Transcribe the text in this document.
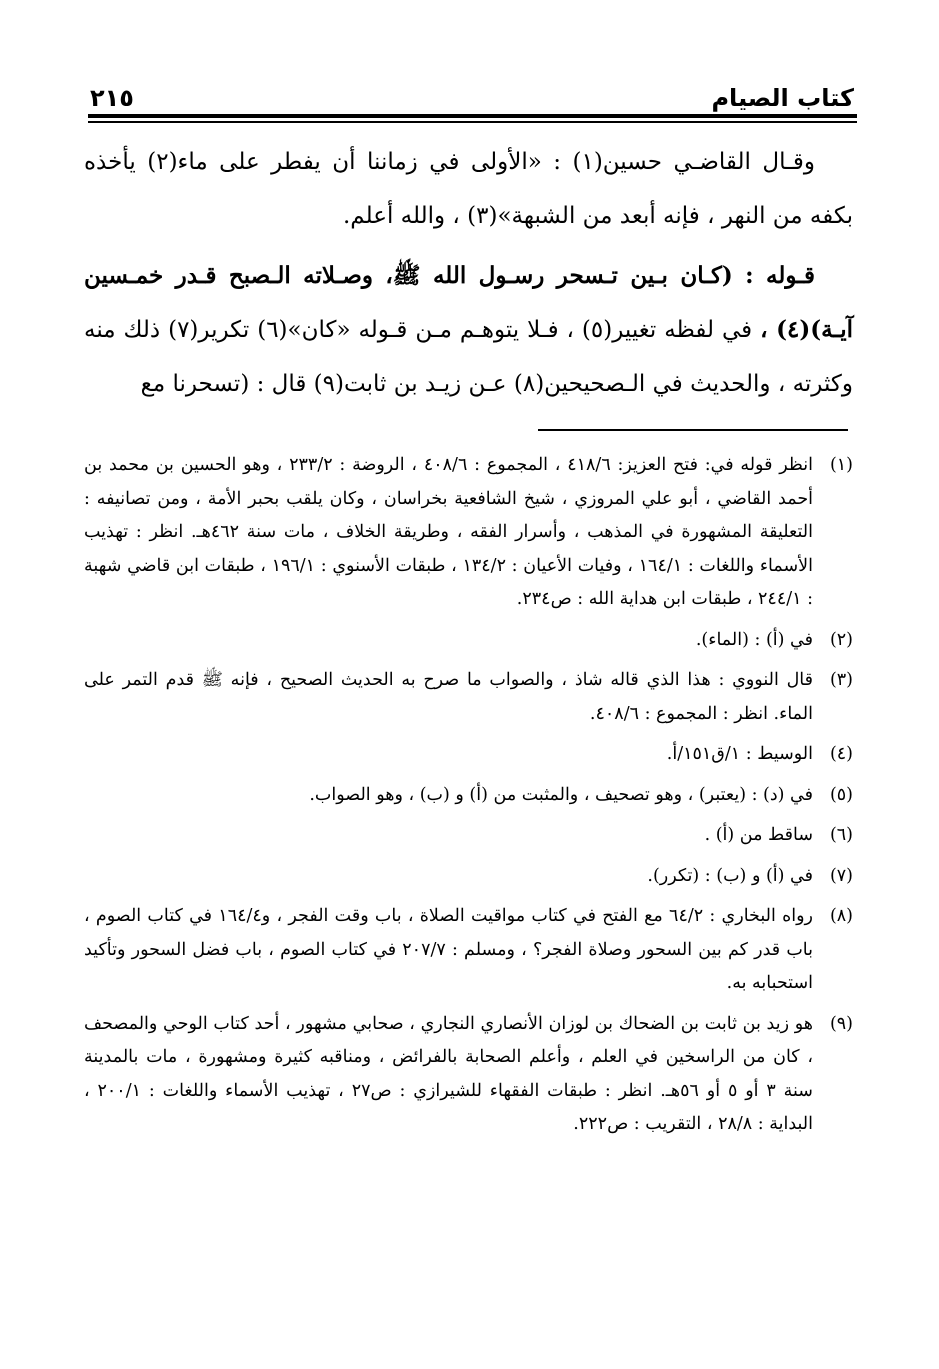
كتاب الصيام
٢١٥

وقـال القاضـي حسين(١) : «الأولى في زماننا أن يفطر على ماء(٢) يأخذه بكفه من النهر ، فإنه أبعد من الشبهة»(٣) ، والله أعلم.

قـوله : (كـان بـين تـسحر رسـول الله ﷺ، وصـلاته الـصبح قـدر خمـسين آيـة)(٤) ، في لفظه تغيير(٥) ، فـلا يتوهـم مـن قـوله «كان»(٦) تكرير(٧) ذلك منه وكثرته ، والحديث في الـصحيحين(٨) عـن زيـد بن ثابت(٩) قال : (تسحرنا مع

(١)
انظر قوله في: فتح العزيز: ٤١٨/٦ ، المجموع : ٤٠٨/٦ ، الروضة : ٢٣٣/٢ ، وهو الحسين بن محمد بن أحمد القاضي ، أبو علي المروزي ، شيخ الشافعية بخراسان ، وكان يلقب بحبر الأمة ، ومن تصانيفه : التعليقة المشهورة في المذهب ، وأسرار الفقه ، وطريقة الخلاف ، مات سنة ٤٦٢هـ. انظر : تهذيب الأسماء واللغات : ١٦٤/١ ، وفيات الأعيان : ١٣٤/٢ ، طبقات الأسنوي : ١٩٦/١ ، طبقات ابن قاضي شهبة : ٢٤٤/١ ، طبقات ابن هداية الله : ص٢٣٤.
(٢)
في (أ) : (الماء).
(٣)
قال النووي : هذا الذي قاله شاذ ، والصواب ما صرح به الحديث الصحيح ، فإنه ﷺ قدم التمر على الماء. انظر : المجموع : ٤٠٨/٦.
(٤)
الوسيط : ١/ق١٥١/أ.
(٥)
في (د) : (يعتبر) ، وهو تصحيف ، والمثبت من (أ) و (ب) ، وهو الصواب.
(٦)
ساقط من (أ) .
(٧)
في (أ) و (ب) : (تكرر).
(٨)
رواه البخاري : ٦٤/٢ مع الفتح في كتاب مواقيت الصلاة ، باب وقت الفجر ، و١٦٤/٤ في كتاب الصوم ، باب قدر كم بين السحور وصلاة الفجر؟ ، ومسلم : ٢٠٧/٧ في كتاب الصوم ، باب فضل السحور وتأكيد استحبابه به.
(٩)
هو زيد بن ثابت بن الضحاك بن لوزان الأنصاري النجاري ، صحابي مشهور ، أحد كتاب الوحي والمصحف ، كان من الراسخين في العلم ، وأعلم الصحابة بالفرائض ، ومناقبه كثيرة ومشهورة ، مات بالمدينة سنة ٣ أو ٥ أو ٥٦هـ. انظر : طبقات الفقهاء للشيرازي : ص٢٧ ، تهذيب الأسماء واللغات : ٢٠٠/١ ، البداية : ٢٨/٨ ، التقريب : ص٢٢٢.
